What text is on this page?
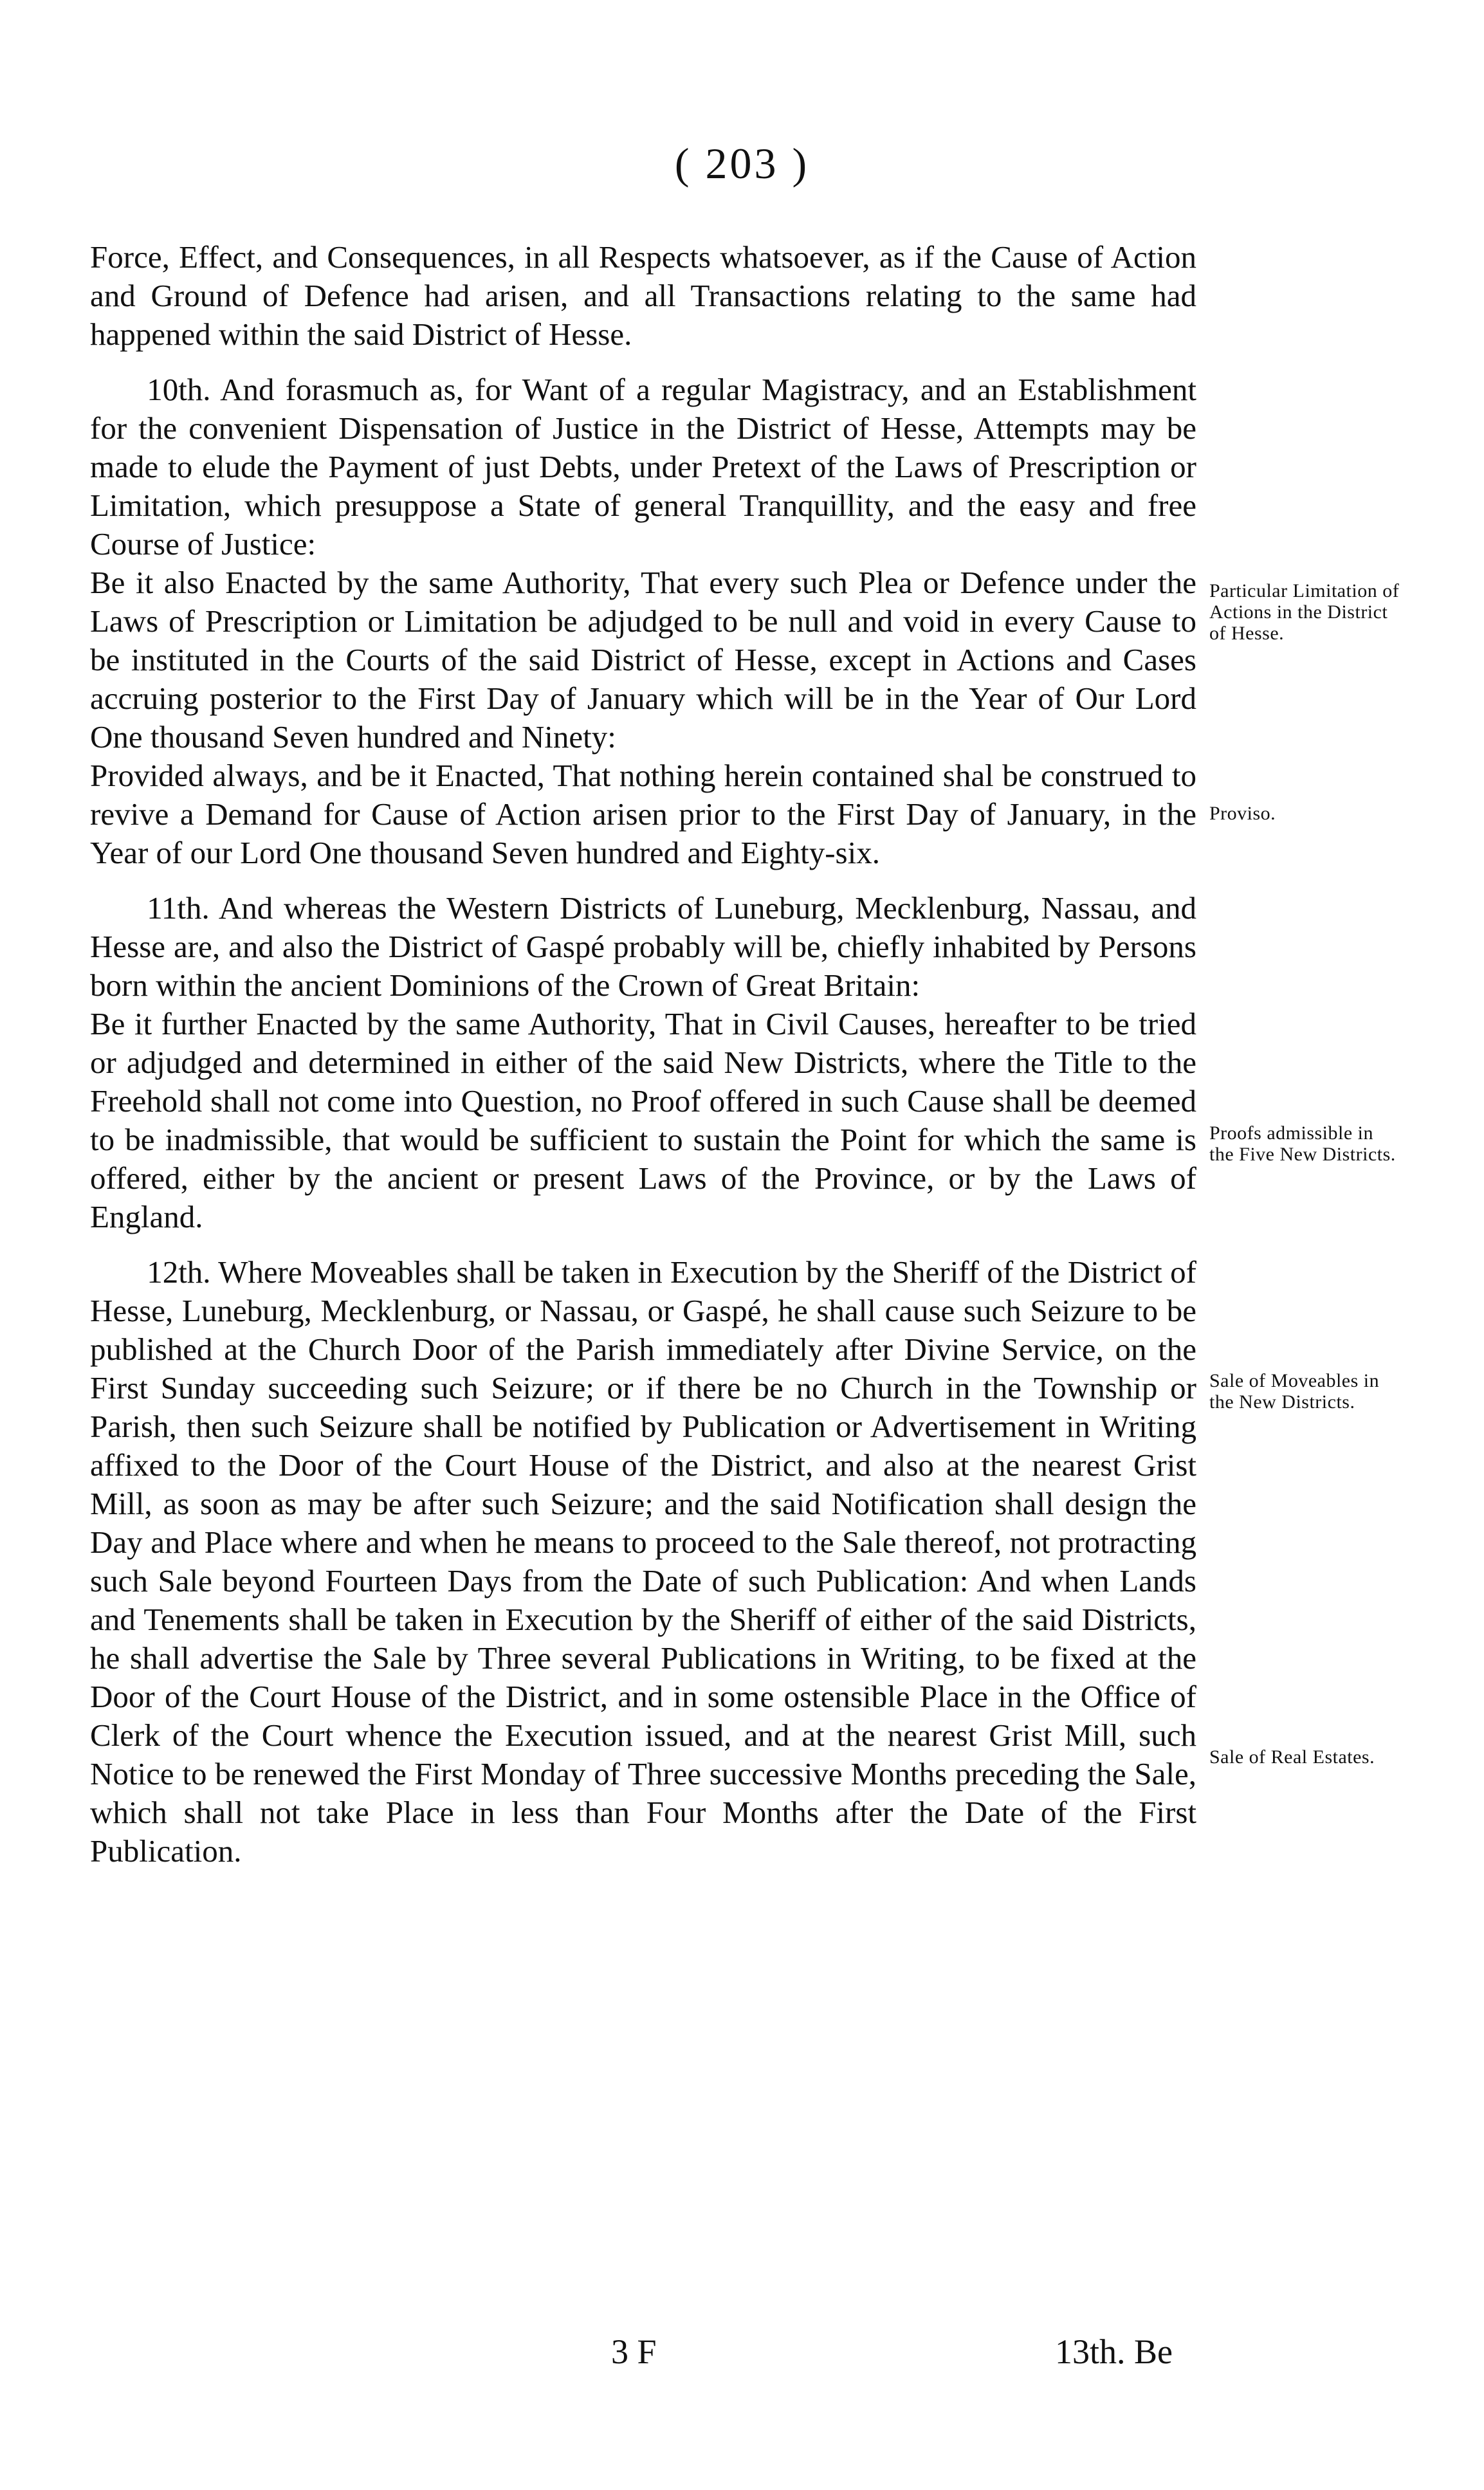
( 203 )

Force, Effect, and Consequences, in all Respects whatsoever, as if the Cause of Action and Ground of Defence had arisen, and all Transactions relating to the same had happened within the said District of Hesse.

10th. And forasmuch as, for Want of a regular Magistracy, and an Establishment for the convenient Dispensation of Justice in the District of Hesse, Attempts may be made to elude the Payment of just Debts, under Pretext of the Laws of Prescription or Limitation, which presuppose a State of general Tranquillity, and the easy and free Course of Justice:

Be it also Enacted by the same Authority, That every such Plea or Defence under the Laws of Prescription or Limitation be adjudged to be null and void in every Cause to be instituted in the Courts of the said District of Hesse, except in Actions and Cases accruing posterior to the First Day of January which will be in the Year of Our Lord One thousand Seven hundred and Ninety:

Provided always, and be it Enacted, That nothing herein contained shal be construed to revive a Demand for Cause of Action arisen prior to the First Day of January, in the Year of our Lord One thousand Seven hundred and Eighty-six.

11th. And whereas the Western Districts of Luneburg, Mecklenburg, Nassau, and Hesse are, and also the District of Gaspé probably will be, chiefly inhabited by Persons born within the ancient Dominions of the Crown of Great Britain:

Be it further Enacted by the same Authority, That in Civil Causes, hereafter to be tried or adjudged and determined in either of the said New Districts, where the Title to the Freehold shall not come into Question, no Proof offered in such Cause shall be deemed to be inadmissible, that would be sufficient to sustain the Point for which the same is offered, either by the ancient or present Laws of the Province, or by the Laws of England.

12th. Where Moveables shall be taken in Execution by the Sheriff of the District of Hesse, Luneburg, Mecklenburg, or Nassau, or Gaspé, he shall cause such Seizure to be published at the Church Door of the Parish immediately after Divine Service, on the First Sunday succeeding such Seizure; or if there be no Church in the Township or Parish, then such Seizure shall be notified by Publication or Advertisement in Writing affixed to the Door of the Court House of the District, and also at the nearest Grist Mill, as soon as may be after such Seizure; and the said Notification shall design the Day and Place where and when he means to proceed to the Sale thereof, not protracting such Sale beyond Fourteen Days from the Date of such Publication: And when Lands and Tenements shall be taken in Execution by the Sheriff of either of the said Districts, he shall advertise the Sale by Three several Publications in Writing, to be fixed at the Door of the Court House of the District, and in some ostensible Place in the Office of Clerk of the Court whence the Execution issued, and at the nearest Grist Mill, such Notice to be renewed the First Monday of Three successive Months preceding the Sale, which shall not take Place in less than Four Months after the Date of the First Publication.

Particular Limitation of Actions in the District of Hesse.
Proviso.
Proofs admissible in the Five New Districts.
Sale of Moveables in the New Districts.
Sale of Real Estates.
3 F	13th. Be
